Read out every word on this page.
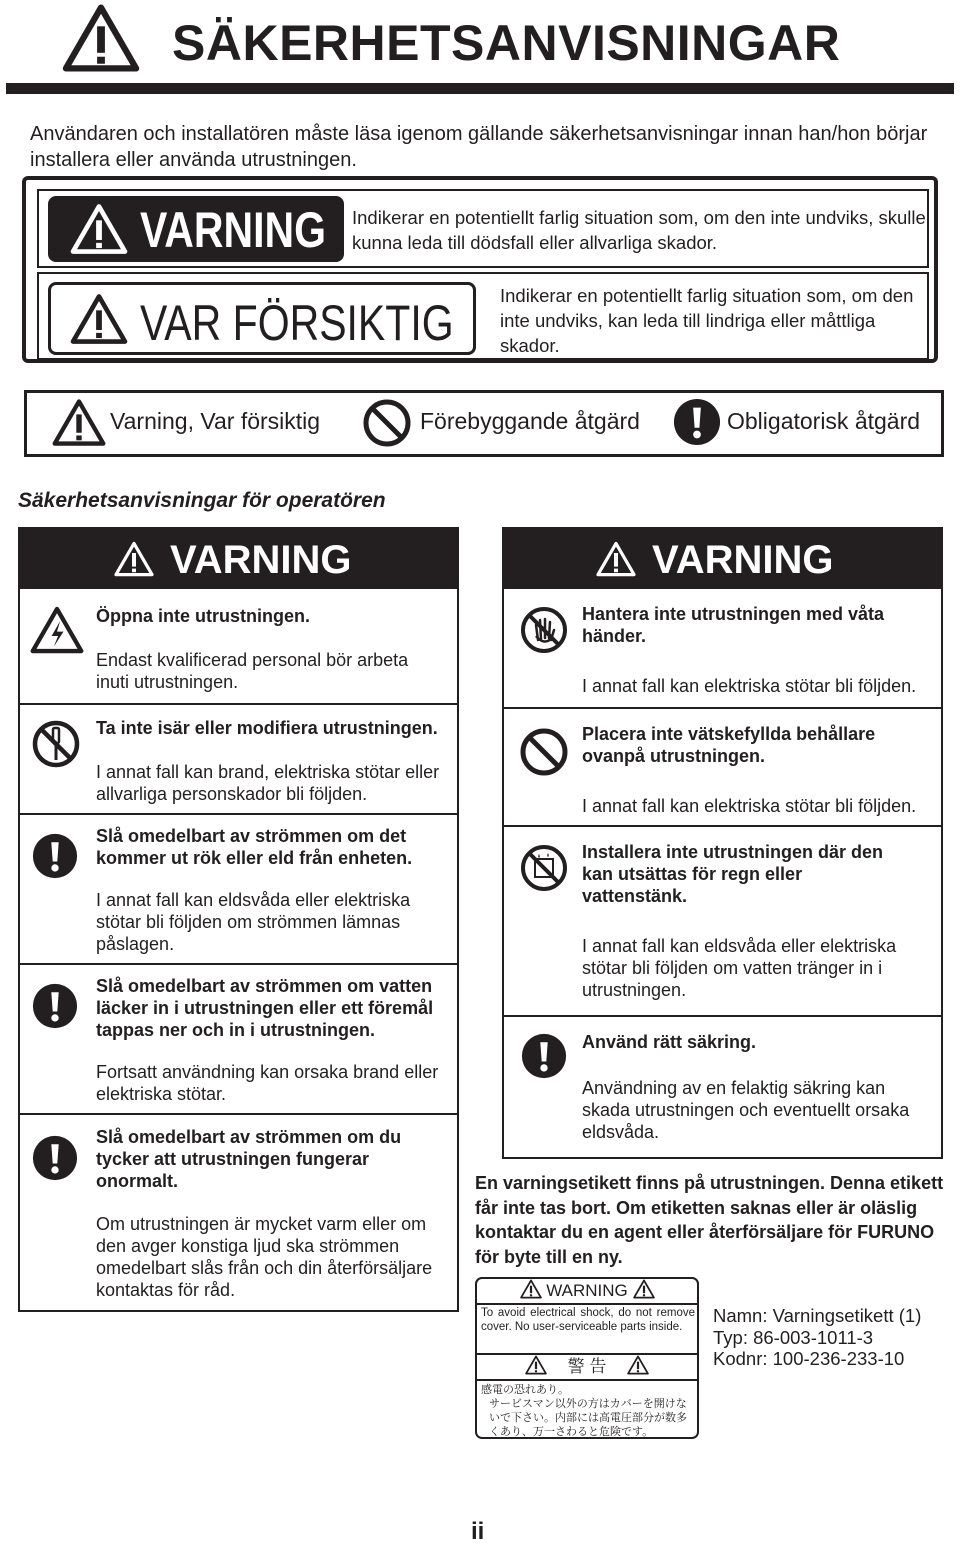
SÄKERHETSANVISNINGAR
Användaren och installatören måste läsa igenom gällande säkerhetsanvisningar innan han/hon börjar installera eller använda utrustningen.
VARNING Indikerar en potentiellt farlig situation som, om den inte undviks, skulle kunna leda till dödsfall eller allvarliga skador.
VAR FÖRSIKTIG	Indikerar en potentiellt farlig situation som, om den inte undviks, kan leda till lindriga eller måttliga skador.
Varning, Var försiktig	Förebyggande åtgärd	Obligatorisk åtgärd
Säkerhetsanvisningar för operatören
VARNING
Öppna inte utrustningen.
Endast kvalificerad personal bör arbeta inuti utrustningen.
Ta inte isär eller modifiera utrustningen.
I annat fall kan brand, elektriska stötar eller allvarliga personskador bli följden.
Slå omedelbart av strömmen om det kommer ut rök eller eld från enheten.
I annat fall kan eldsvåda eller elektriska stötar bli följden om strömmen lämnas påslagen.
Slå omedelbart av strömmen om vatten läcker in i utrustningen eller ett föremål tappas ner och in i utrustningen.
Fortsatt användning kan orsaka brand eller elektriska stötar.
Slå omedelbart av strömmen om du tycker att utrustningen fungerar onormalt.
Om utrustningen är mycket varm eller om den avger konstiga ljud ska strömmen omedelbart slås från och din återförsäljare kontaktas för råd.
VARNING
Hantera inte utrustningen med våta händer.
I annat fall kan elektriska stötar bli följden.
Placera inte vätskefyllda behållare ovanpå utrustningen.
I annat fall kan elektriska stötar bli följden.
Installera inte utrustningen där den kan utsättas för regn eller vattenstänk.
I annat fall kan eldsvåda eller elektriska stötar bli följden om vatten tränger in i utrustningen.
Använd rätt säkring.
Användning av en felaktig säkring kan skada utrustningen och eventuellt orsaka eldsvåda.
En varningsetikett finns på utrustningen. Denna etikett får inte tas bort. Om etiketten saknas eller är oläslig kontaktar du en agent eller återförsäljare för FURUNO för byte till en ny.
WARNING
To avoid electrical shock, do not remove cover. No user-serviceable parts inside.
警 告
感電の恐れあり。
サービスマン以外の方はカバーを開けないで下さい。内部には高電圧部分が数多くあり、万一さわると危険です。
Namn: Varningsetikett (1)
Typ: 86-003-1011-3
Kodnr: 100-236-233-10
ii
